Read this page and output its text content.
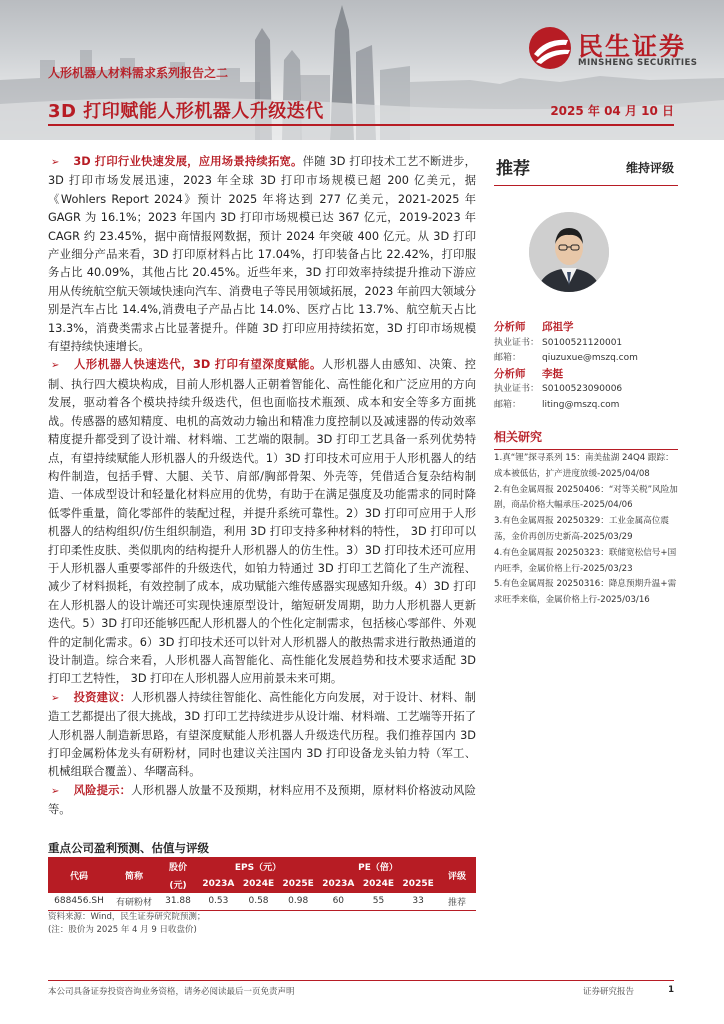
人形机器人材料需求系列报告之二
3D 打印赋能人形机器人升级迭代	2025 年 04 月 10 日
民生证券
MINSHENG SECURITIES

➢ 3D 打印行业快速发展，应用场景持续拓宽。伴随 3D 打印技术工艺不断进步，3D 打印市场发展迅速，2023 年全球 3D 打印市场规模已超 200 亿美元，据《Wohlers Report 2024》预计 2025 年将达到 277 亿美元，2021-2025 年 GAGR 为 16.1%；2023 年国内 3D 打印市场规模已达 367 亿元，2019-2023 年 CAGR 约 23.45%，据中商情报网数据，预计 2024 年突破 400 亿元。从 3D 打印产业细分产品来看，3D 打印原材料占比 17.04%，打印装备占比 22.42%，打印服务占比 40.09%，其他占比 20.45%。近些年来，3D 打印效率持续提升推动下游应用从传统航空航天领域快速向汽车、消费电子等民用领域拓展，2023 年前四大领域分别是汽车占比 14.4%,消费电子产品占比 14.0%、医疗占比 13.7%、航空航天占比 13.3%，消费类需求占比显著提升。伴随 3D 打印应用持续拓宽，3D 打印市场规模有望持续快速增长。

➢ 人形机器人快速迭代，3D 打印有望深度赋能。人形机器人由感知、决策、控制、执行四大模块构成，目前人形机器人正朝着智能化、高性能化和广泛应用的方向发展，驱动着各个模块持续升级迭代，但也面临技术瓶颈、成本和安全等多方面挑战。传感器的感知精度、电机的高效动力输出和精准力度控制以及减速器的传动效率精度提升都受到了设计端、材料端、工艺端的限制。3D 打印工艺具备一系列优势特点，有望持续赋能人形机器人的升级迭代。1）3D 打印技术可应用于人形机器人的结构件制造，包括手臂、大腿、关节、肩部/胸部骨架、外壳等，凭借适合复杂结构制造、一体成型设计和轻量化材料应用的优势，有助于在满足强度及功能需求的同时降低零件重量，简化零部件的装配过程，并提升系统可靠性。2）3D 打印可应用于人形机器人的结构组织/仿生组织制造，利用 3D 打印支持多种材料的特性， 3D 打印可以打印柔性皮肤、类似肌肉的结构提升人形机器人的仿生性。3）3D 打印技术还可应用于人形机器人重要零部件的升级迭代，如铂力特通过 3D 打印工艺简化了生产流程、减少了材料损耗，有效控制了成本，成功赋能六维传感器实现感知升级。4）3D 打印在人形机器人的设计端还可实现快速原型设计，缩短研发周期，助力人形机器人更新迭代。5）3D 打印还能够匹配人形机器人的个性化定制需求，包括核心零部件、外观件的定制化需求。6）3D 打印技术还可以针对人形机器人的散热需求进行散热通道的设计制造。综合来看，人形机器人高智能化、高性能化发展趋势和技术要求适配 3D 打印工艺特性， 3D 打印在人形机器人应用前景未来可期。

➢ 投资建议：人形机器人持续往智能化、高性能化方向发展，对于设计、材料、制造工艺都提出了很大挑战，3D 打印工艺持续进步从设计端、材料端、工艺端等开拓了人形机器人制造新思路，有望深度赋能人形机器人升级迭代历程。我们推荐国内 3D 打印金属粉体龙头有研粉材，同时也建议关注国内 3D 打印设备龙头铂力特（军工、机械组联合覆盖）、华曙高科。

➢ 风险提示：人形机器人放量不及预期，材料应用不及预期，原材料价格波动风险等。

推荐	维持评级
分析师	邱祖学
执业证书： S0100521120001
邮箱：	qiuzuxue@mszq.com
分析师	李挺
执业证书： S0100523090006
邮箱：	liting@mszq.com
相关研究
1.真“锂”探寻系列 15：南美盐湖 24Q4 跟踪：成本被低估，扩产进度放缓-2025/04/08
2.有色金属周报 20250406：“对等关税”风险加剧，商品价格大幅承压-2025/04/06
3.有色金属周报 20250329：工业金属高位震荡，金价再创历史新高-2025/03/29
4.有色金属周报 20250323：联储宽松信号+国内旺季，金属价格上行-2025/03/23
5.有色金属周报 20250316：降息预期升温+需求旺季来临，金属价格上行-2025/03/16
重点公司盈利预测、估值与评级
代码	简称	股价	EPS（元）			PE（倍）			评级
		(元)	2023A	2024E	2025E	2023A	2024E	2025E	
688456.SH	有研粉材	31.88	0.53	0.58	0.98	60	55	33	推荐
资料来源：Wind，民生证券研究院预测；
(注：股价为 2025 年 4 月 9 日收盘价)
本公司具备证券投资咨询业务资格，请务必阅读最后一页免责声明	证券研究报告	1
